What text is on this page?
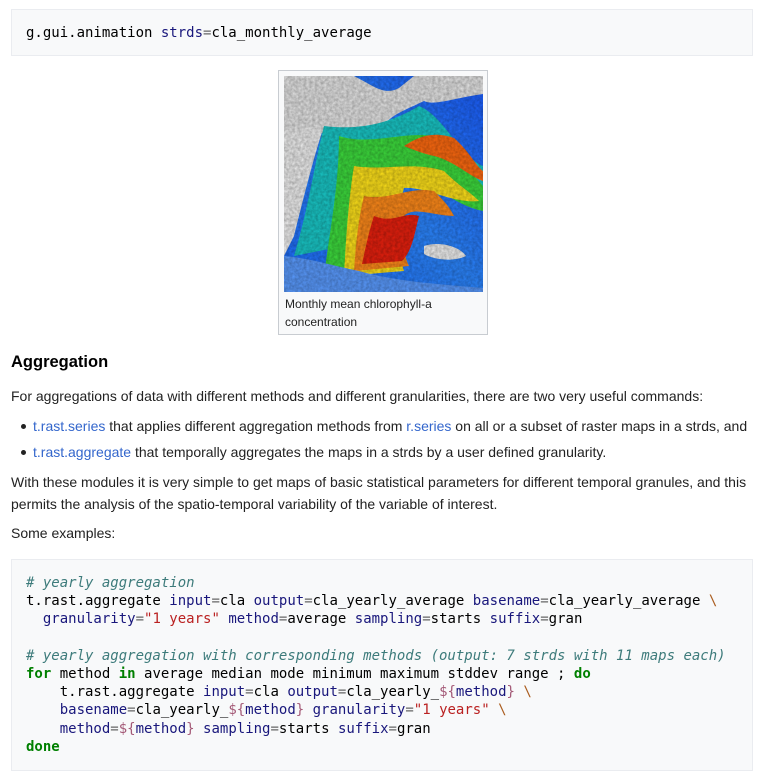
g.gui.animation strds=cla_monthly_average
Monthly mean chlorophyll-a concentration
Aggregation

For aggregations of data with different methods and different granularities, there are two very useful commands:

t.rast.series that applies different aggregation methods from r.series on all or a subset of raster maps in a strds, and
t.rast.aggregate that temporally aggregates the maps in a strds by a user defined granularity.

With these modules it is very simple to get maps of basic statistical parameters for different temporal granules, and this permits the analysis of the spatio-temporal variability of the variable of interest.

Some examples:

# yearly aggregation
t.rast.aggregate input=cla output=cla_yearly_average basename=cla_yearly_average \
granularity="1 years" method=average sampling=starts suffix=gran

# yearly aggregation with corresponding methods (output: 7 strds with 11 maps each)
for method in average median mode minimum maximum stddev range ; do
t.rast.aggregate input=cla output=cla_yearly_${method} \
basename=cla_yearly_${method} granularity="1 years" \
method=${method} sampling=starts suffix=gran
done
